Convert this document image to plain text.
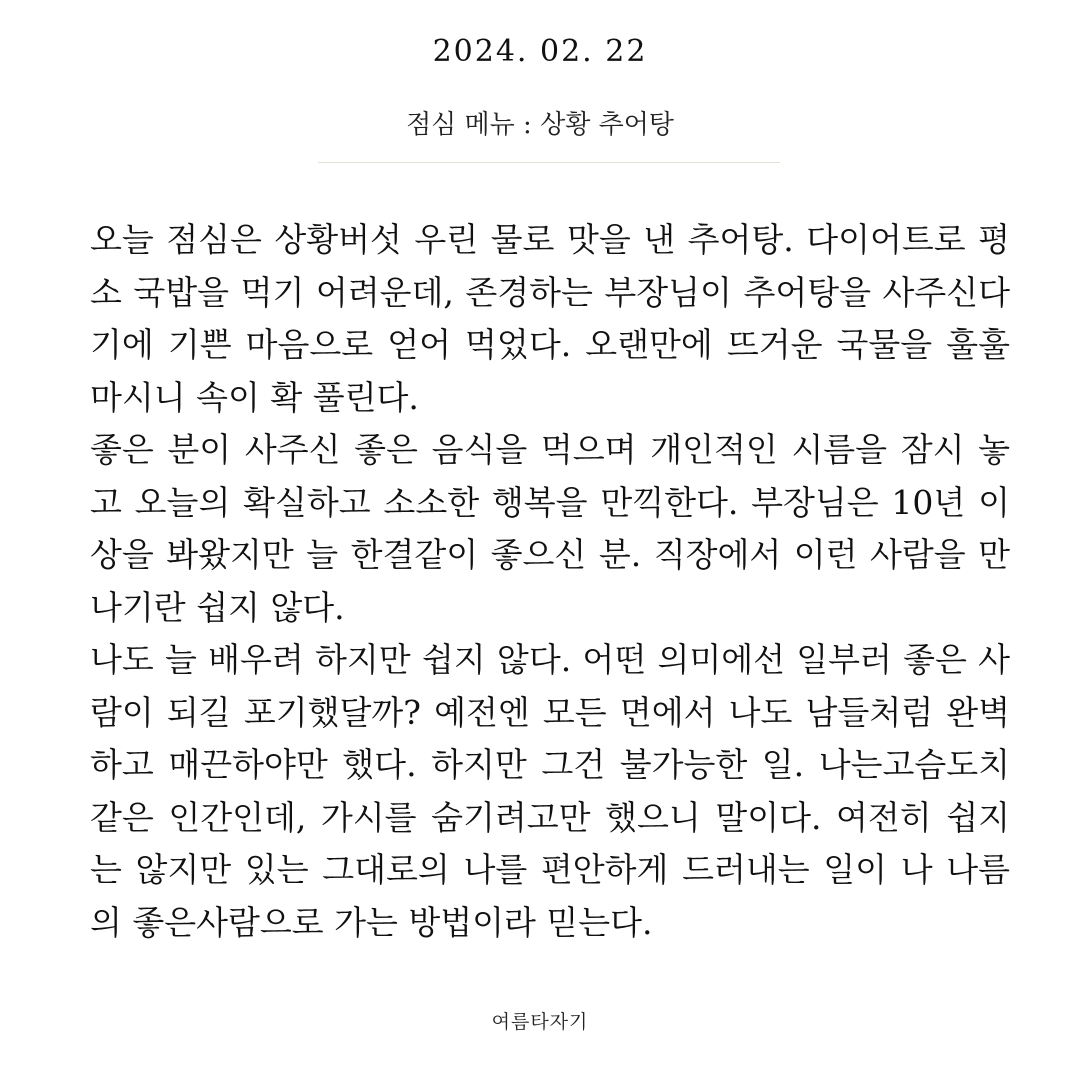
2024. 02. 22
점심 메뉴 : 상황 추어탕

오늘 점심은 상황버섯 우린 물로 맛을 낸 추어탕. 다이어트로 평소 국밥을 먹기 어려운데, 존경하는 부장님이 추어탕을 사주신다기에 기쁜 마음으로 얻어 먹었다. 오랜만에 뜨거운 국물을 훌훌 마시니 속이 확 풀린다.

좋은 분이 사주신 좋은 음식을 먹으며 개인적인 시름을 잠시 놓고 오늘의 확실하고 소소한 행복을 만끽한다. 부장님은 10년 이상을 봐왔지만 늘 한결같이 좋으신 분. 직장에서 이런 사람을 만나기란 쉽지 않다.

나도 늘 배우려 하지만 쉽지 않다. 어떤 의미에선 일부러 좋은 사람이 되길 포기했달까? 예전엔 모든 면에서 나도 남들처럼 완벽하고 매끈하야만 했다. 하지만 그건 불가능한 일. 나는고슴도치같은 인간인데, 가시를 숨기려고만 했으니 말이다. 여전히 쉽지는 않지만 있는 그대로의 나를 편안하게 드러내는 일이 나 나름의 좋은사람으로 가는 방법이라 믿는다.

여름타자기
